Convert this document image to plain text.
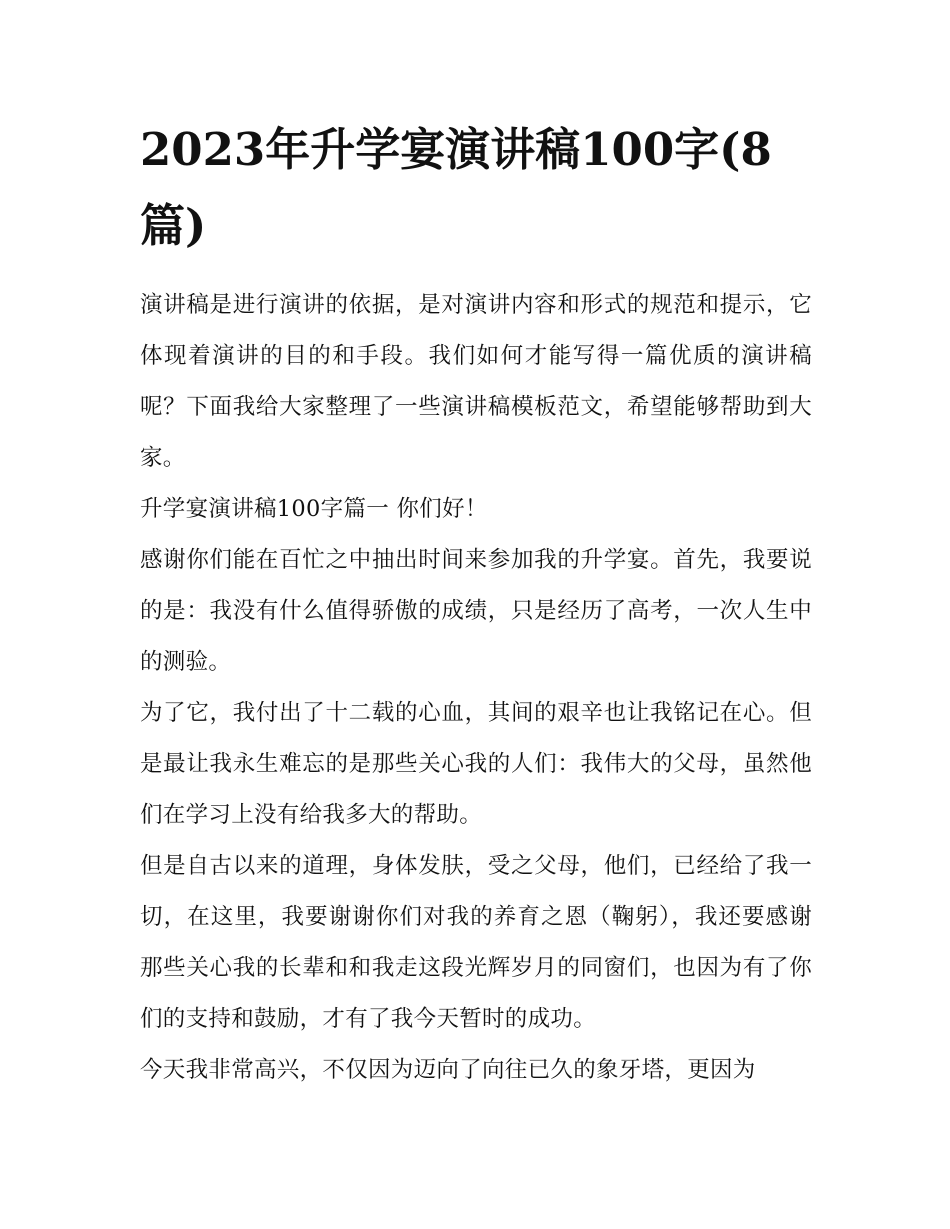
2023年升学宴演讲稿100字(8篇)

演讲稿是进行演讲的依据，是对演讲内容和形式的规范和提示，它体现着演讲的目的和手段。我们如何才能写得一篇优质的演讲稿呢？下面我给大家整理了一些演讲稿模板范文，希望能够帮助到大家。

升学宴演讲稿100字篇一 你们好！

感谢你们能在百忙之中抽出时间来参加我的升学宴。首先，我要说的是：我没有什么值得骄傲的成绩，只是经历了高考，一次人生中的测验。

为了它，我付出了十二载的心血，其间的艰辛也让我铭记在心。但是最让我永生难忘的是那些关心我的人们：我伟大的父母，虽然他们在学习上没有给我多大的帮助。

但是自古以来的道理，身体发肤，受之父母，他们，已经给了我一切，在这里，我要谢谢你们对我的养育之恩（鞠躬），我还要感谢那些关心我的长辈和和我走这段光辉岁月的同窗们，也因为有了你们的支持和鼓励，才有了我今天暂时的成功。

今天我非常高兴，不仅因为迈向了向往已久的象牙塔，更因为
